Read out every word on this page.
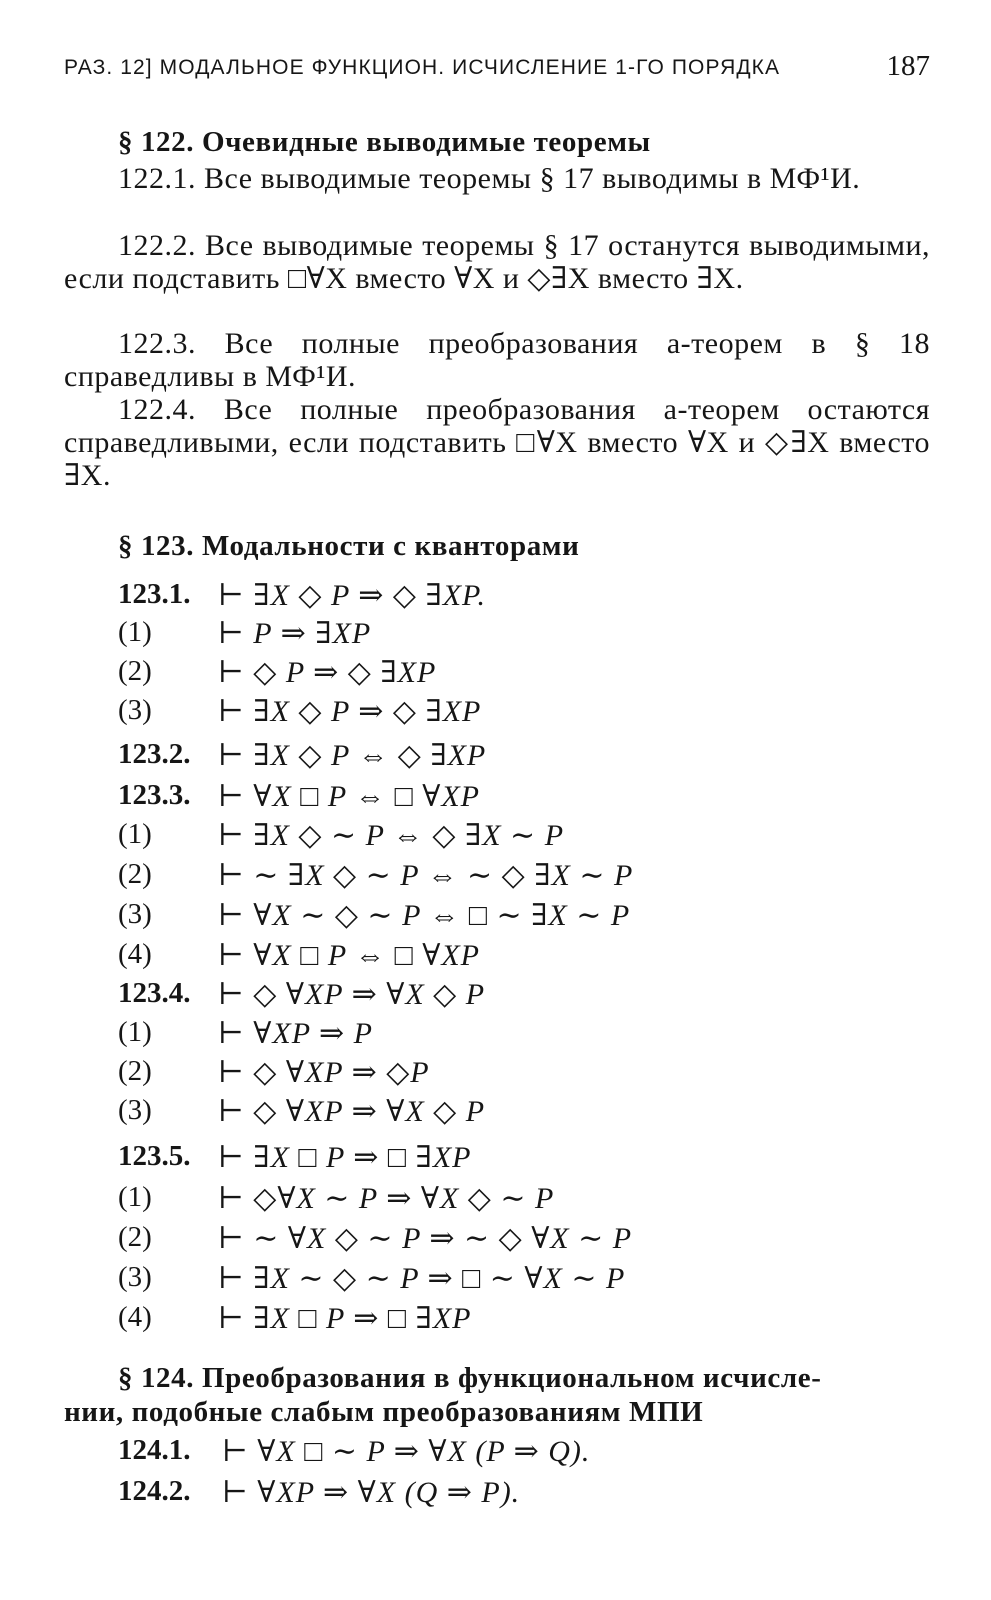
РАЗ. 12] МОДАЛЬНОЕ ФУНКЦИОН. ИСЧИСЛЕНИЕ 1-ГО ПОРЯДКА	187
§ 122. Очевидные выводимые теоремы
122.1. Все выводимые теоремы § 17 выводимы в МФ¹И.
122.2. Все выводимые теоремы § 17 останутся выводимыми, если подставить □∀X вместо ∀X и ◇∃X вместо ∃X.
122.3. Все полные преобразования a-теорем в § 18 справедливы в МФ¹И.
122.4. Все полные преобразования a-теорем остаются справедливыми, если подставить □∀X вместо ∀X и ◇∃X вместо ∃X.
§ 123. Модальности с кванторами
123.1. ⊢ ∃X ◇ P ⇒ ◇ ∃XP.
(1) ⊢ P ⇒ ∃XP
(2) ⊢ ◇ P ⇒ ◇ ∃XP
(3) ⊢ ∃X ◇ P ⇒ ◇ ∃XP
123.2. ⊢ ∃X ◇ P ⇔ ◇ ∃XP
123.3. ⊢ ∀X □ P ⇔ □ ∀XP
(1) ⊢ ∃X ◇ ∼ P ⇔ ◇ ∃X ∼ P
(2) ⊢ ∼ ∃X ◇ ∼ P ⇔ ∼ ◇ ∃X ∼ P
(3) ⊢ ∀X ∼ ◇ ∼ P ⇔ □ ∼ ∃X ∼ P
(4) ⊢ ∀X □ P ⇔ □ ∀XP
123.4. ⊢ ◇ ∀XP ⇒ ∀X ◇ P
(1) ⊢ ∀XP ⇒ P
(2) ⊢ ◇ ∀XP ⇒ ◇P
(3) ⊢ ◇ ∀XP ⇒ ∀X ◇ P
123.5. ⊢ ∃X □ P ⇒ □ ∃XP
(1) ⊢ ◇∀X ∼ P ⇒ ∀X ◇ ∼ P
(2) ⊢ ∼ ∀X ◇ ∼ P ⇒ ∼ ◇ ∀X ∼ P
(3) ⊢ ∃X ∼ ◇ ∼ P ⇒ □ ∼ ∀X ∼ P
(4) ⊢ ∃X □ P ⇒ □ ∃XP
§ 124. Преобразования в функциональном исчисле-
нии, подобные слабым преобразованиям МПИ
124.1. ⊢ ∀X □ ∼ P ⇒ ∀X (P ⇒ Q).
124.2. ⊢ ∀XP ⇒ ∀X (Q ⇒ P).
